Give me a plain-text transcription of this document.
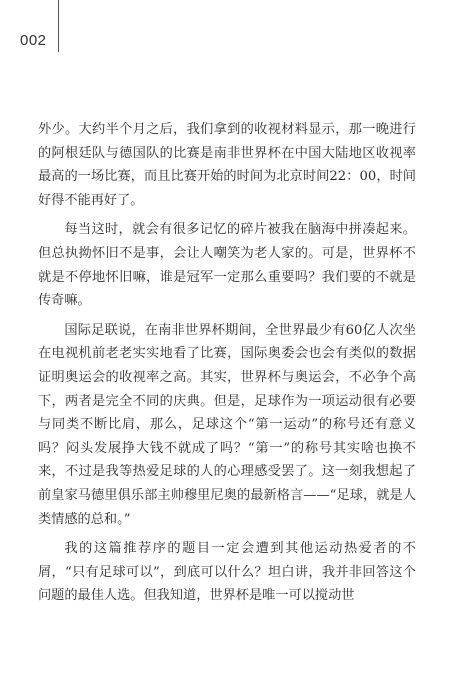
002

外少。大约半个月之后，我们拿到的收视材料显示，那一晚进行的阿根廷队与德国队的比赛是南非世界杯在中国大陆地区收视率最高的一场比赛，而且比赛开始的时间为北京时间22：00，时间好得不能再好了。

每当这时，就会有很多记忆的碎片被我在脑海中拼凑起来。但总执拗怀旧不是事，会让人嘲笑为老人家的。可是，世界杯不就是不停地怀旧嘛，谁是冠军一定那么重要吗？我们要的不就是传奇嘛。

国际足联说，在南非世界杯期间，全世界最少有60亿人次坐在电视机前老老实实地看了比赛，国际奥委会也会有类似的数据证明奥运会的收视率之高。其实，世界杯与奥运会，不必争个高下，两者是完全不同的庆典。但是，足球作为一项运动很有必要与同类不断比肩，那么，足球这个“第一运动”的称号还有意义吗？闷头发展挣大钱不就成了吗？“第一”的称号其实啥也换不来，不过是我等热爱足球的人的心理感受罢了。这一刻我想起了前皇家马德里俱乐部主帅穆里尼奥的最新格言——“足球，就是人类情感的总和。”

我的这篇推荐序的题目一定会遭到其他运动热爱者的不屑，“只有足球可以”，到底可以什么？坦白讲，我并非回答这个问题的最佳人选。但我知道，世界杯是唯一可以搅动世
